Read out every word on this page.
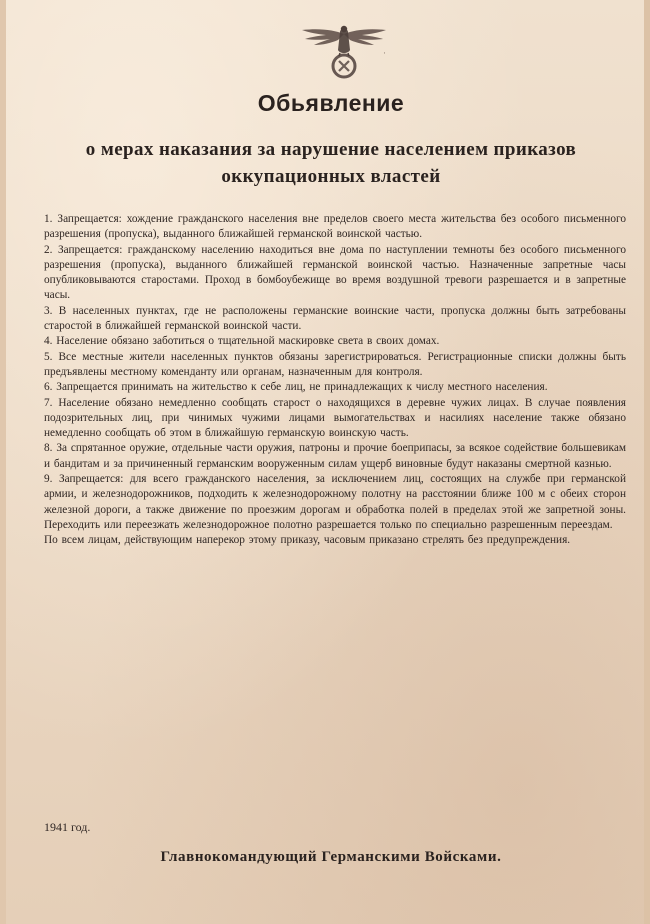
·
Обьявление
о мерах наказания за нарушение населением приказов оккупационных властей

1. Запрещается: хождение гражданского населения вне пределов своего места жительства без особого письменного разрешения (пропуска), выданного ближайшей германской воинской частью.

2. Запрещается: гражданскому населению находиться вне дома по наступлении темноты без особого письменного разрешения (пропуска), выданного ближайшей германской воинской частью. Назначенные запретные часы опубликовываются старостами. Проход в бомбоубежище во время воздушной тревоги разрешается и в запретные часы.

3. В населенных пунктах, где не расположены германские воинские части, пропуска должны быть затребованы старостой в ближайшей германской воинской части.

4. Население обязано заботиться о тщательной маскировке света в своих домах.

5. Все местные жители населенных пунктов обязаны зарегистрироваться. Регистрационные списки должны быть предъявлены местному коменданту или органам, назначенным для контроля.

6. Запрещается принимать на жительство к себе лиц, не принадлежащих к числу местного населения.

7. Население обязано немедленно сообщать старост о находящихся в деревне чужих лицах. В случае появления подозрительных лиц, при чинимых чужими лицами вымогательствах и насилиях население также обязано немедленно сообщать об этом в ближайшую германскую воинскую часть.

8. За спрятанное оружие, отдельные части оружия, патроны и прочие боеприпасы, за всякое содействие большевикам и бандитам и за причиненный германским вооруженным силам ущерб виновные будут наказаны смертной казнью.

9. Запрещается: для всего гражданского населения, за исключением лиц, состоящих на службе при германской армии, и железнодорожников, подходить к железнодорожному полотну на расстоянии ближе 100 м с обеих сторон железной дороги, а также движение по проезжим дорогам и обработка полей в пределах этой же запретной зоны. Переходить или переезжать железнодорожное полотно разрешается только по специально разрешенным переездам.

По всем лицам, действующим наперекор этому приказу, часовым приказано стрелять без предупреждения.

1941 год.
Главнокомандующий Германскими Войсками.
